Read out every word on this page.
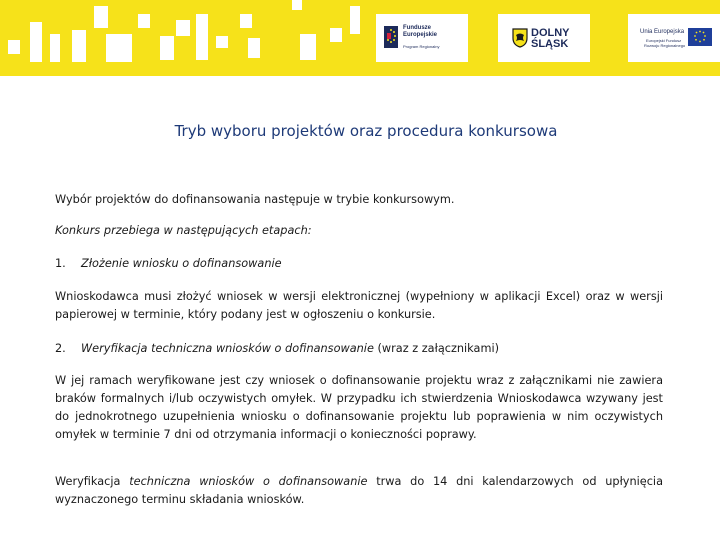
Fundusze
Europejskie
Program Regionalny
DOLNY
ŚLĄSK
Unia Europejska
Europejski Fundusz
Rozwoju Regionalnego
Tryb wyboru projektów oraz procedura konkursowa

Wybór projektów do dofinansowania następuje w trybie konkursowym.

Konkurs przebiega w następujących etapach:

1. Złożenie wniosku o dofinansowanie

Wnioskodawca musi złożyć wniosek w wersji elektronicznej (wypełniony w aplikacji Excel) oraz w wersji papierowej w terminie, który podany jest w ogłoszeniu o konkursie.

2. Weryfikacja techniczna wniosków o dofinansowanie (wraz z załącznikami)

W jej ramach weryfikowane jest czy wniosek o dofinansowanie projektu wraz z załącznikami nie zawiera braków formalnych i/lub oczywistych omyłek. W przypadku ich stwierdzenia Wnioskodawca wzywany jest do jednokrotnego uzupełnienia wniosku o dofinansowanie projektu lub poprawienia w nim oczywistych omyłek w terminie 7 dni od otrzymania informacji o konieczności poprawy.

Weryfikacja techniczna wniosków o dofinansowanie trwa do 14 dni kalendarzowych od upłynięcia wyznaczonego terminu składania wniosków.
